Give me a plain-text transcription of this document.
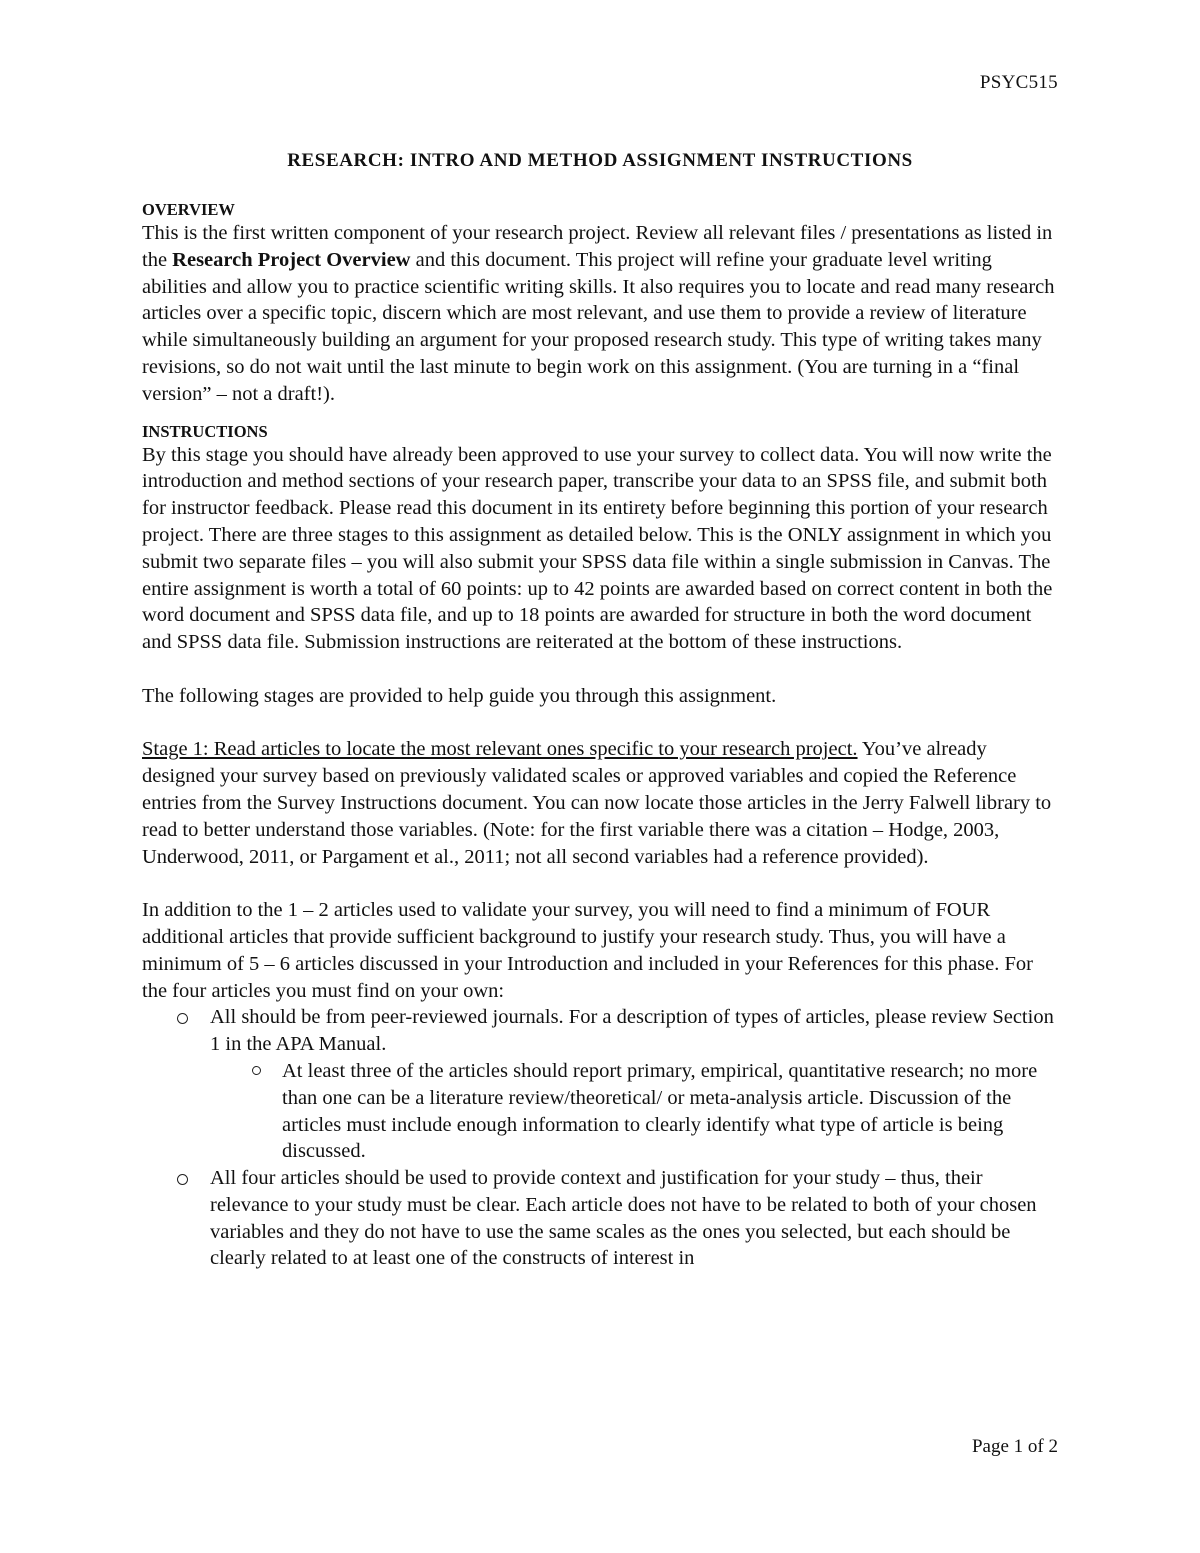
PSYC515
RESEARCH: INTRO AND METHOD ASSIGNMENT INSTRUCTIONS

OVERVIEW

This is the first written component of your research project. Review all relevant files / presentations as listed in the Research Project Overview and this document. This project will refine your graduate level writing abilities and allow you to practice scientific writing skills. It also requires you to locate and read many research articles over a specific topic, discern which are most relevant, and use them to provide a review of literature while simultaneously building an argument for your proposed research study. This type of writing takes many revisions, so do not wait until the last minute to begin work on this assignment. (You are turning in a “final version” – not a draft!).

INSTRUCTIONS

By this stage you should have already been approved to use your survey to collect data. You will now write the introduction and method sections of your research paper, transcribe your data to an SPSS file, and submit both for instructor feedback. Please read this document in its entirety before beginning this portion of your research project. There are three stages to this assignment as detailed below. This is the ONLY assignment in which you submit two separate files – you will also submit your SPSS data file within a single submission in Canvas. The entire assignment is worth a total of 60 points: up to 42 points are awarded based on correct content in both the word document and SPSS data file, and up to 18 points are awarded for structure in both the word document and SPSS data file. Submission instructions are reiterated at the bottom of these instructions.

The following stages are provided to help guide you through this assignment.

Stage 1: Read articles to locate the most relevant ones specific to your research project. You’ve already designed your survey based on previously validated scales or approved variables and copied the Reference entries from the Survey Instructions document. You can now locate those articles in the Jerry Falwell library to read to better understand those variables. (Note: for the first variable there was a citation – Hodge, 2003, Underwood, 2011, or Pargament et al., 2011; not all second variables had a reference provided).

In addition to the 1 – 2 articles used to validate your survey, you will need to find a minimum of FOUR additional articles that provide sufficient background to justify your research study. Thus, you will have a minimum of 5 – 6 articles discussed in your Introduction and included in your References for this phase. For the four articles you must find on your own:

All should be from peer-reviewed journals. For a description of types of articles, please review Section 1 in the APA Manual.
At least three of the articles should report primary, empirical, quantitative research; no more than one can be a literature review/theoretical/ or meta-analysis article. Discussion of the articles must include enough information to clearly identify what type of article is being discussed.
All four articles should be used to provide context and justification for your study – thus, their relevance to your study must be clear. Each article does not have to be related to both of your chosen variables and they do not have to use the same scales as the ones you selected, but each should be clearly related to at least one of the constructs of interest in
Page 1 of 2
